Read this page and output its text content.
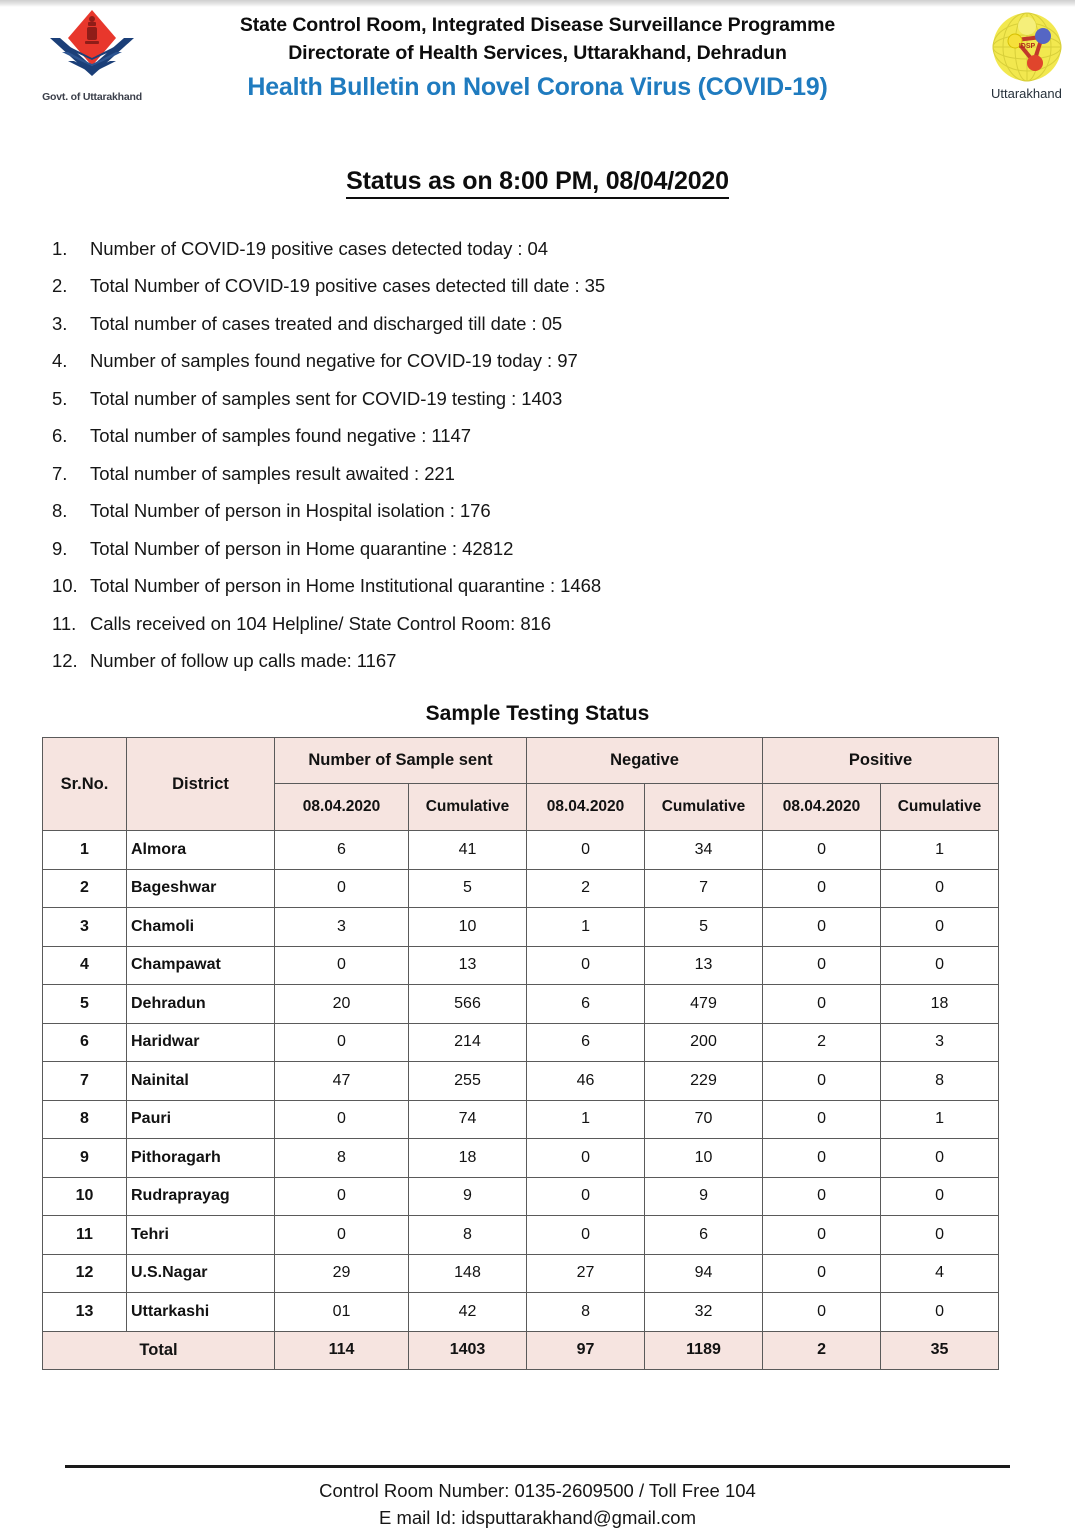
Govt. of Uttarakhand
State Control Room, Integrated Disease Surveillance Programme
Directorate of Health Services, Uttarakhand, Dehradun
Health Bulletin on Novel Corona Virus (COVID-19)
IDSP
Uttarakhand
Status as on 8:00 PM, 08/04/2020
1.	Number of COVID-19 positive cases detected today : 04
2.	Total Number of COVID-19 positive cases detected till date : 35
3.	Total number of cases treated and discharged till date : 05
4.	Number of samples found negative for COVID-19 today : 97
5.	Total number of samples sent for COVID-19 testing : 1403
6.	Total number of samples found negative : 1147
7.	Total number of samples result awaited : 221
8.	Total Number of person in Hospital isolation : 176
9.	Total Number of person in Home quarantine : 42812
10. Total Number of person in Home Institutional quarantine : 1468
11. Calls received on 104 Helpline/ State Control Room: 816
12. Number of follow up calls made: 1167
Sample Testing Status
Sr.No.	District	Number of Sample sent		Negative		Positive	
		08.04.2020	Cumulative	08.04.2020	Cumulative	08.04.2020	Cumulative
1	Almora	6	41	0	34	0	1
2	Bageshwar	0	5	2	7	0	0
3	Chamoli	3	10	1	5	0	0
4	Champawat	0	13	0	13	0	0
5	Dehradun	20	566	6	479	0	18
6	Haridwar	0	214	6	200	2	3
7	Nainital	47	255	46	229	0	8
8	Pauri	0	74	1	70	0	1
9	Pithoragarh	8	18	0	10	0	0
10	Rudraprayag	0	9	0	9	0	0
11	Tehri	0	8	0	6	0	0
12	U.S.Nagar	29	148	27	94	0	4
13	Uttarkashi	01	42	8	32	0	0
Total		114	1403	97	1189	2	35
Control Room Number: 0135-2609500 / Toll Free 104
E mail Id: idsputtarakhand@gmail.com
